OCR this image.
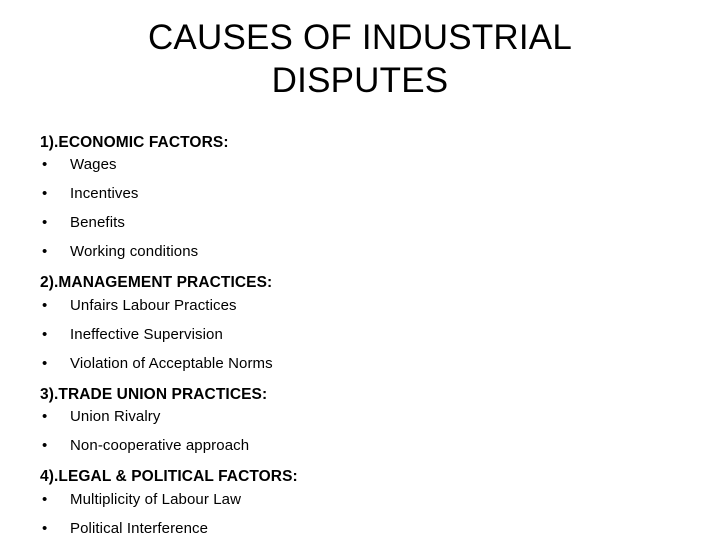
CAUSES OF INDUSTRIAL DISPUTES
1).ECONOMIC FACTORS:
• Wages
• Incentives
• Benefits
• Working conditions
2).MANAGEMENT PRACTICES:
• Unfairs Labour Practices
• Ineffective Supervision
• Violation of Acceptable Norms
3).TRADE UNION PRACTICES:
• Union Rivalry
• Non-cooperative approach
4).LEGAL & POLITICAL FACTORS:
• Multiplicity of Labour Law
• Political Interference
